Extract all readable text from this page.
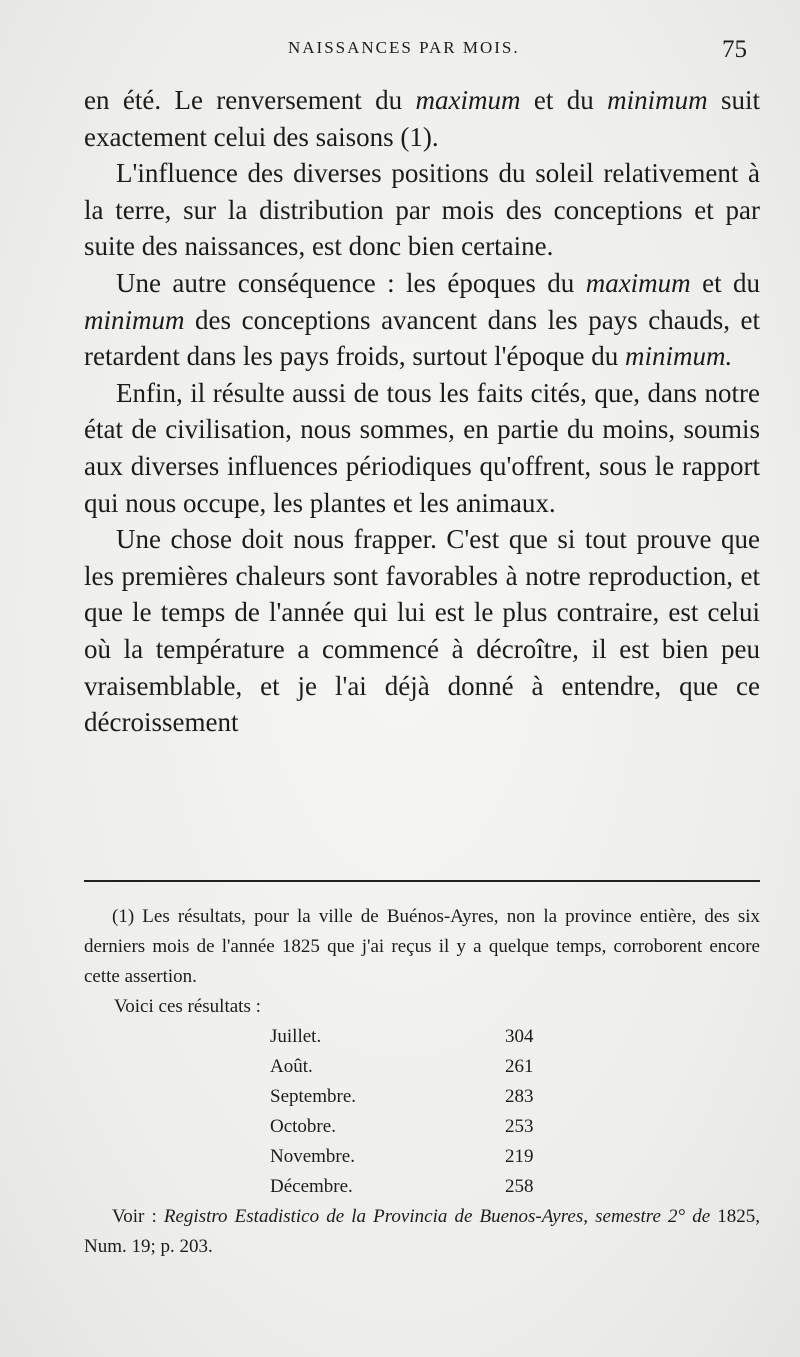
NAISSANCES PAR MOIS.	75

en été. Le renversement du maximum et du minimum suit exactement celui des saisons (1).

L'influence des diverses positions du soleil relativement à la terre, sur la distribution par mois des conceptions et par suite des naissances, est donc bien certaine.

Une autre conséquence : les époques du maximum et du minimum des conceptions avancent dans les pays chauds, et retardent dans les pays froids, surtout l'époque du minimum.

Enfin, il résulte aussi de tous les faits cités, que, dans notre état de civilisation, nous sommes, en partie du moins, soumis aux diverses influences périodiques qu'offrent, sous le rapport qui nous occupe, les plantes et les animaux.

Une chose doit nous frapper. C'est que si tout prouve que les premières chaleurs sont favorables à notre reproduction, et que le temps de l'année qui lui est le plus contraire, est celui où la température a commencé à décroître, il est bien peu vraisemblable, et je l'ai déjà donné à entendre, que ce décroissement

(1) Les résultats, pour la ville de Buénos-Ayres, non la province entière, des six derniers mois de l'année 1825 que j'ai reçus il y a quelque temps, corroborent encore cette assertion.

Voici ces résultats :

Juillet.	304
Août.	261
Septembre.	283
Octobre.	253
Novembre.	219
Décembre.	258

Voir : Registro Estadistico de la Provincia de Buenos-Ayres, semestre 2° de 1825, Num. 19; p. 203.
